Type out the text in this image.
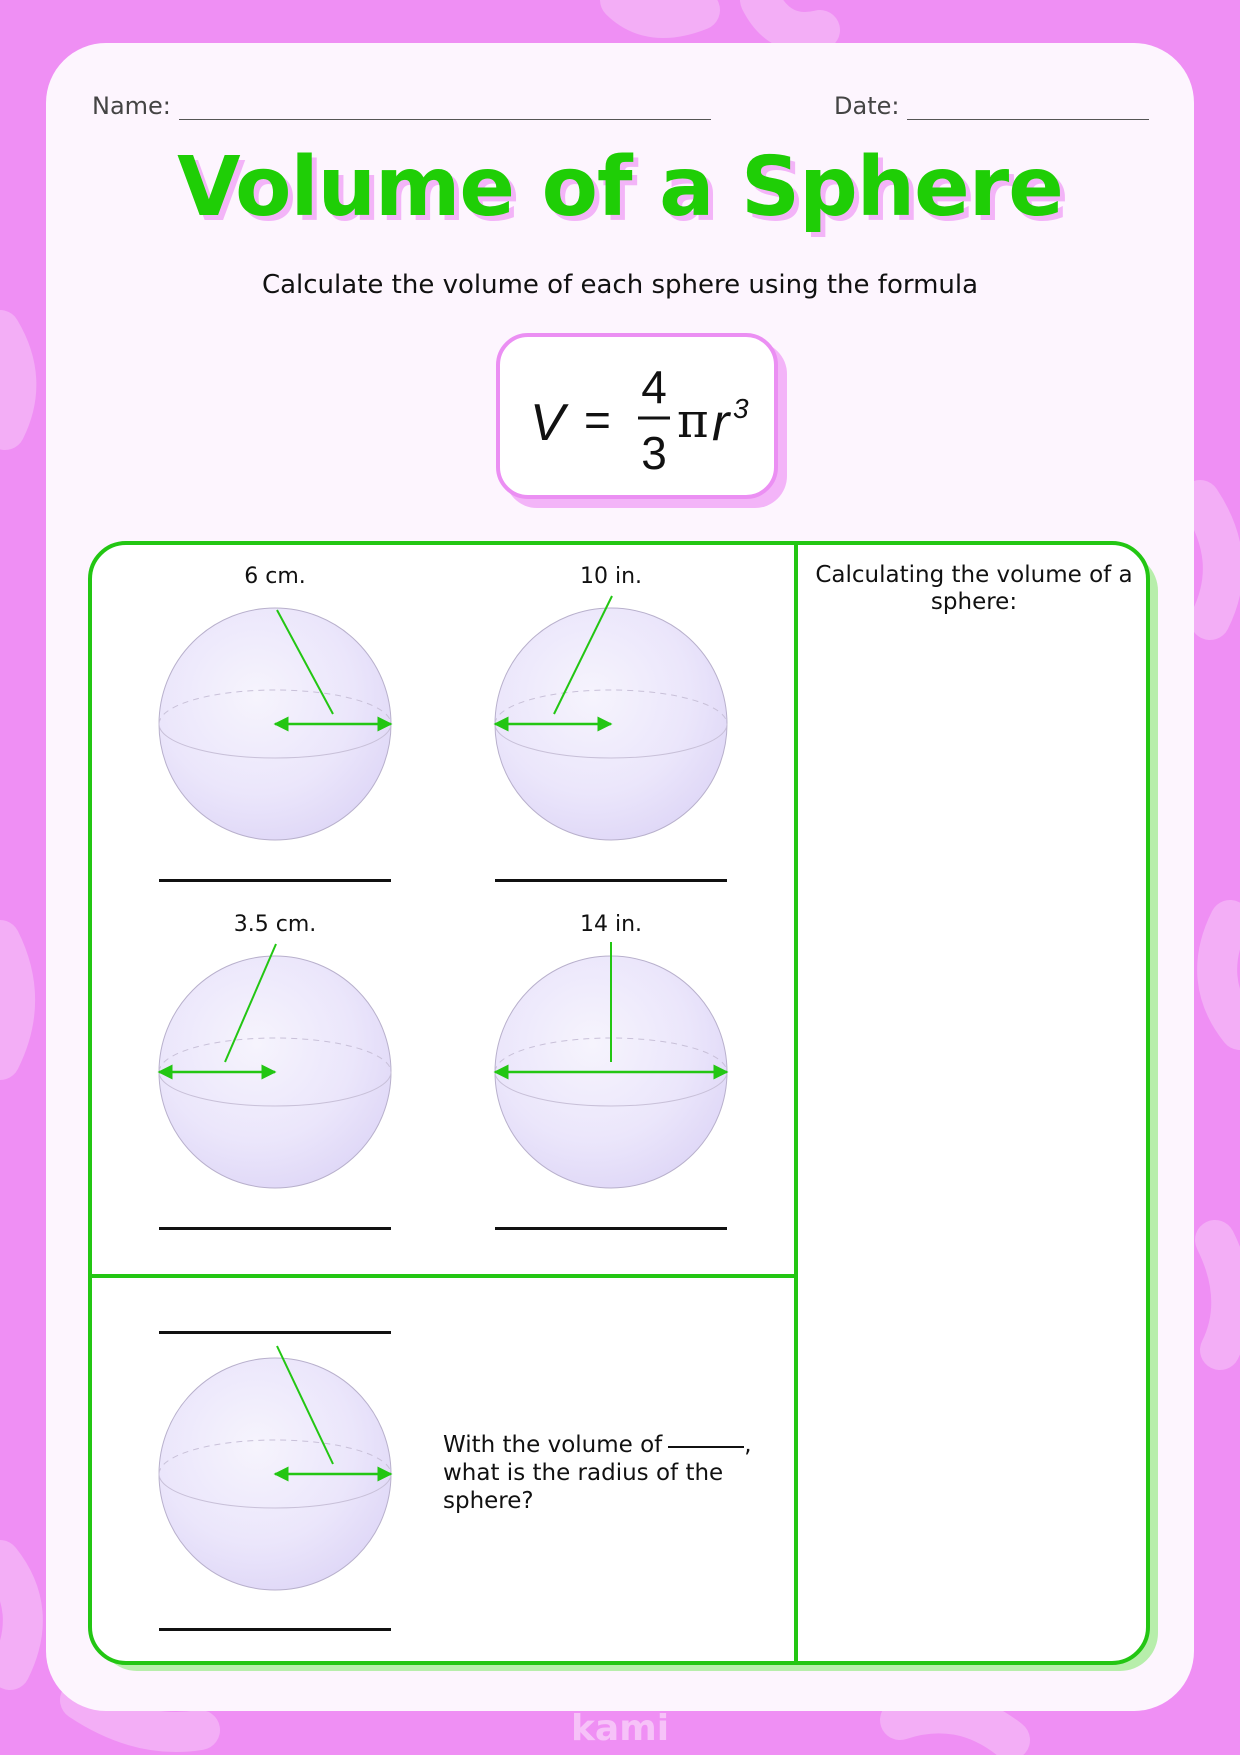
Name:	Date:
Volume of a Sphere
Calculate the volume of each sphere using the formula
V =
4
3
π r 3
6 cm.	10 in.
3.5 cm.	14 in.
With the volume of	, what is the radius of the sphere?
Calculating the volume of a sphere:
kami
